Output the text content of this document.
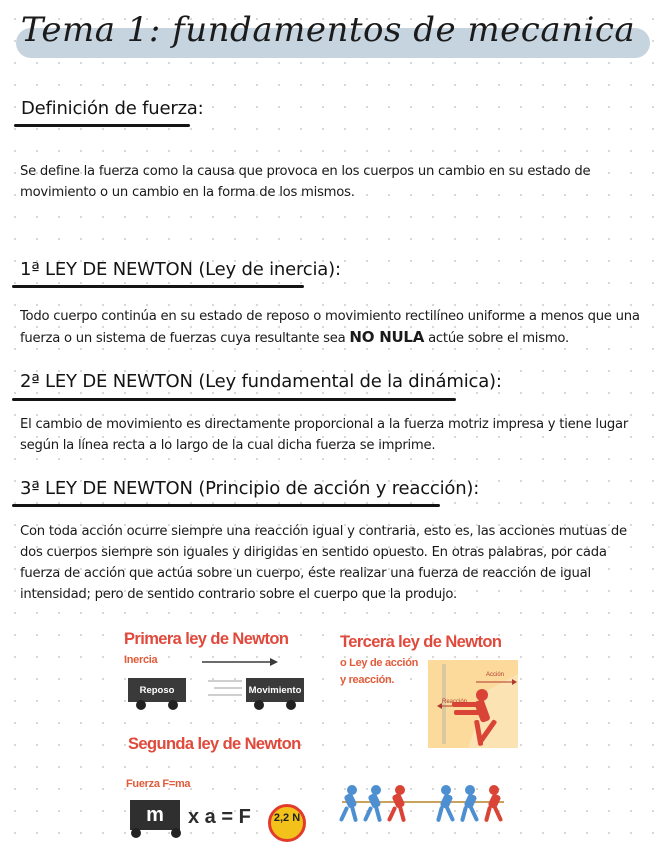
Tema 1: fundamentos de mecanica
Definición de fuerza:
Se define la fuerza como la causa que provoca en los cuerpos un cambio en su estado de movimiento o un cambio en la forma de los mismos.
1ª LEY DE NEWTON (Ley de inercia):
Todo cuerpo continúa en su estado de reposo o movimiento rectilíneo uniforme a menos que una fuerza o un sistema de fuerzas cuya resultante sea NO NULA actúe sobre el mismo.
2ª LEY DE NEWTON (Ley fundamental de la dinámica):
El cambio de movimiento es directamente proporcional a la fuerza motriz impresa y tiene lugar según la línea recta a lo largo de la cual dicha fuerza se imprime.
3ª LEY DE NEWTON (Principio de acción y reacción):
Con toda acción ocurre siempre una reacción igual y contraria, esto es, las acciones mutuas de dos cuerpos siempre son iguales y dirigidas en sentido opuesto. En otras palabras, por cada fuerza de acción que actúa sobre un cuerpo, éste realizar una fuerza de reacción de igual intensidad; pero de sentido contrario sobre el cuerpo que la produjo.
Primera ley de Newton
Inercia
Reposo	Movimiento
Segunda ley de Newton
Fuerza F=ma
m	x a = F	2,2 N
Tercera ley de Newton
o Ley de acción
y reacción.	Acción
Reacción
